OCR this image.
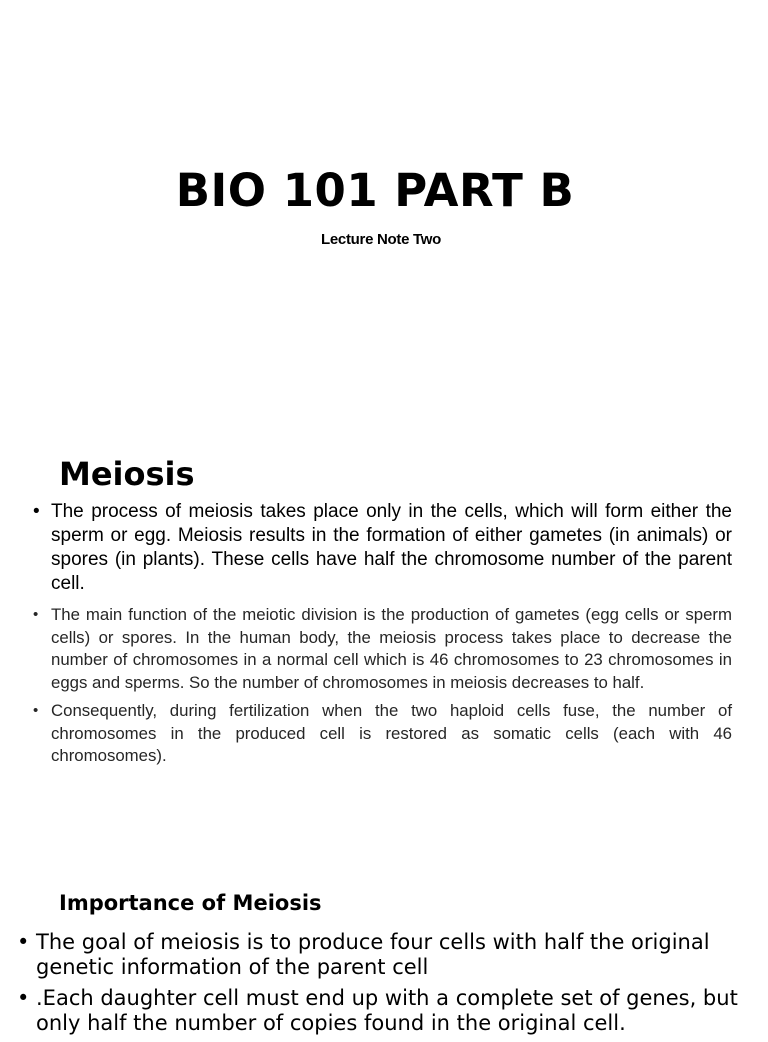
BIO 101 PART B
Lecture Note Two
Meiosis
• The process of meiosis takes place only in the cells, which will form either the sperm or egg. Meiosis results in the formation of either gametes (in animals) or spores (in plants). These cells have half the chromosome number of the parent cell.
• The main function of the meiotic division is the production of gametes (egg cells or sperm cells) or spores. In the human body, the meiosis process takes place to decrease the number of chromosomes in a normal cell which is 46 chromosomes to 23 chromosomes in eggs and sperms. So the number of chromosomes in meiosis decreases to half.
• Consequently, during fertilization when the two haploid cells fuse, the number of chromosomes in the produced cell is restored as somatic cells (each with 46 chromosomes).
Importance of Meiosis
• The goal of meiosis is to produce four cells with half the original genetic information of the parent cell
• .Each daughter cell must end up with a complete set of genes, but only half the number of copies found in the original cell.
